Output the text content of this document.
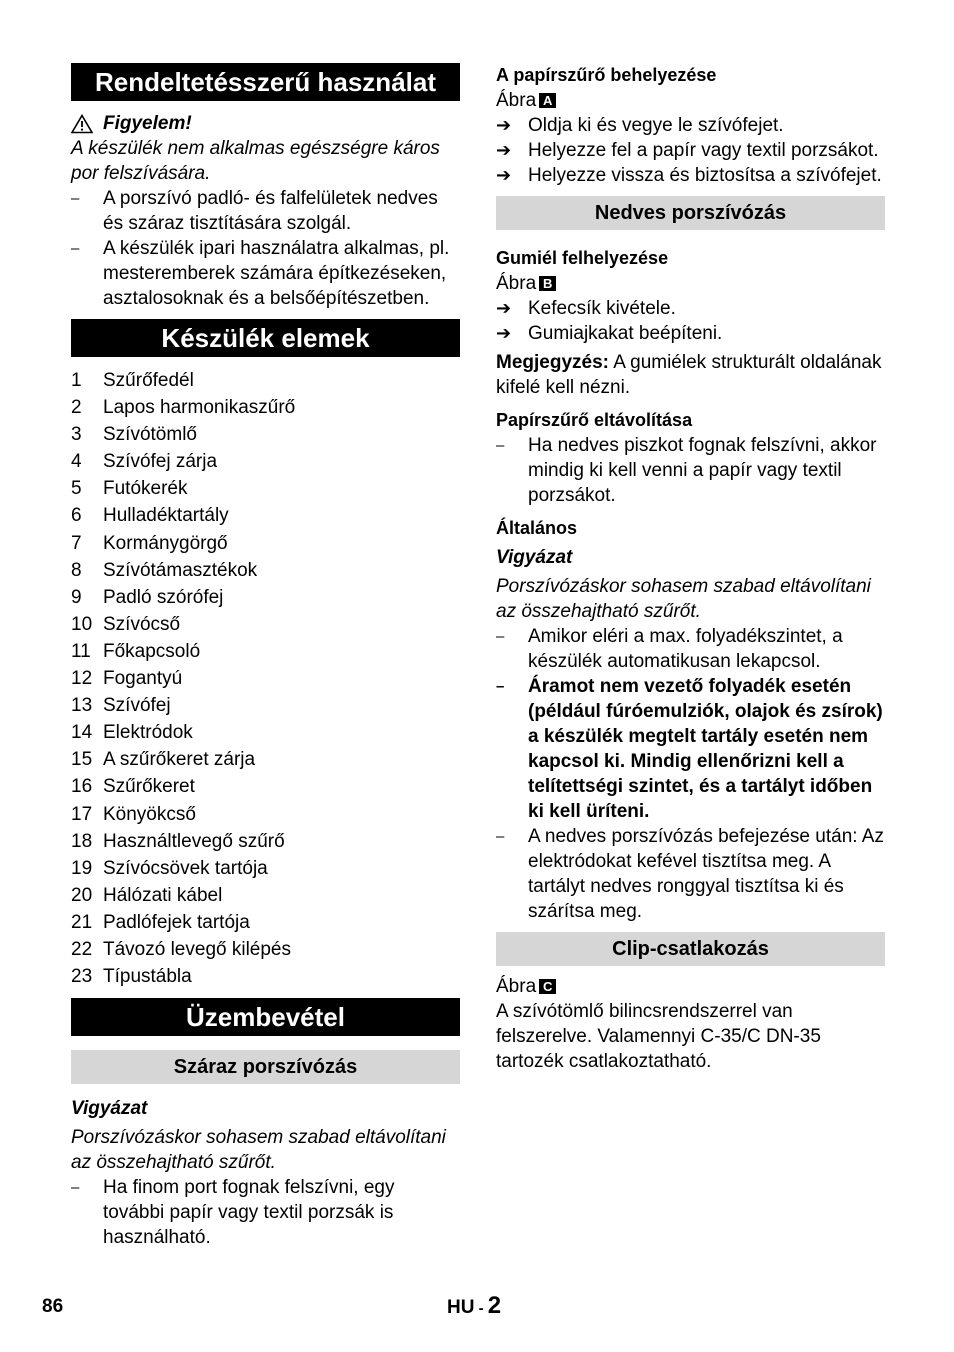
Rendeltetésszerű használat
Figyelem!
A készülék nem alkalmas egészségre káros por felszívására.
– A porszívó padló- és falfelületek nedves és száraz tisztítására szolgál.
– A készülék ipari használatra alkalmas, pl. mesteremberek számára építkezéseken, asztalosoknak és a belsőépítészetben.
Készülék elemek
1 Szűrőfedél
2 Lapos harmonikaszűrő
3 Szívótömlő
4 Szívófej zárja
5 Futókerék
6 Hulladéktartály
7 Kormánygörgő
8 Szívótámasztékok
9 Padló szórófej
10 Szívócső
11 Főkapcsoló
12 Fogantyú
13 Szívófej
14 Elektródok
15 A szűrőkeret zárja
16 Szűrőkeret
17 Könyökcső
18 Használtlevegő szűrő
19 Szívócsövek tartója
20 Hálózati kábel
21 Padlófejek tartója
22 Távozó levegő kilépés
23 Típustábla
Üzembevétel
Száraz porszívózás
Vigyázat
Porszívózáskor sohasem szabad eltávolítani az összehajtható szűrőt.
– Ha finom port fognak felszívni, egy további papír vagy textil porzsák is használható.
A papírszűrő behelyezése
Ábra A
➔ Oldja ki és vegye le szívófejet.
➔ Helyezze fel a papír vagy textil porzsákot.
➔ Helyezze vissza és biztosítsa a szívófejet.
Nedves porszívózás
Gumiél felhelyezése
Ábra B
➔ Kefecsík kivétele.
➔ Gumiajkakat beépíteni.
Megjegyzés: A gumiélek strukturált oldalának kifelé kell nézni.
Papírszűrő eltávolítása
– Ha nedves piszkot fognak felszívni, akkor mindig ki kell venni a papír vagy textil porzsákot.
Általános
Vigyázat
Porszívózáskor sohasem szabad eltávolítani az összehajtható szűrőt.
– Amikor eléri a max. folyadékszintet, a készülék automatikusan lekapcsol.
– Áramot nem vezető folyadék esetén (például fúróemulziók, olajok és zsírok) a készülék megtelt tartály esetén nem kapcsol ki. Mindig ellenőrizni kell a telítettségi szintet, és a tartályt időben ki kell üríteni.
– A nedves porszívózás befejezése után: Az elektródokat kefével tisztítsa meg. A tartályt nedves ronggyal tisztítsa ki és szárítsa meg.
Clip-csatlakozás
Ábra C
A szívótömlő bilincsrendszerrel van felszerelve. Valamennyi C-35/C DN-35 tartozék csatlakoztatható.
86	HU - 2
